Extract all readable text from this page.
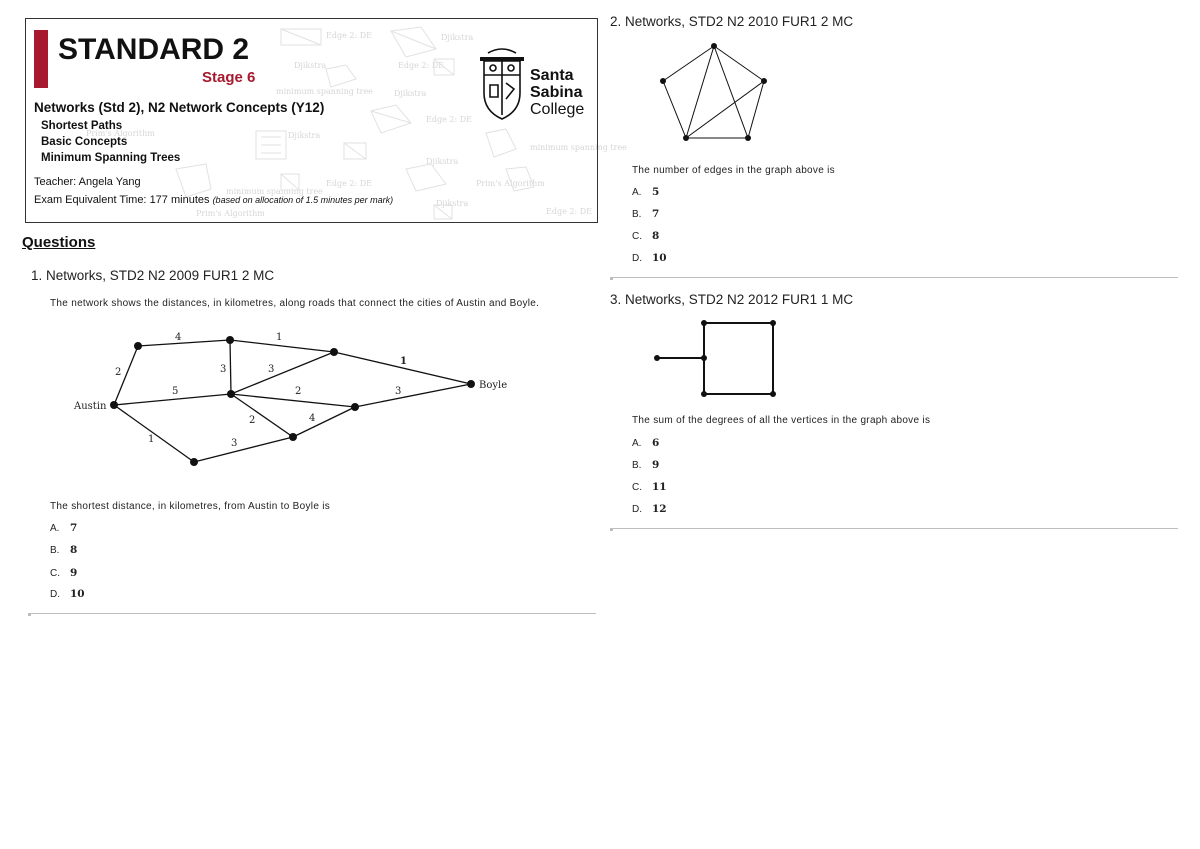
Edge 2: DE	Djikstra
Edge 2: DE
Djikstra
Djikstra
minimum spanning tree
Edge 2: DE
Prim's Algorithm	Djikstra
minimum spanning tree
Djikstra
Edge 2: DE	Prim's Algorithm
minimum spanning tree
Djikstra
Prim's Algorithm	Edge 2: DE
STANDARD 2
Stage 6
Networks (Std 2), N2 Network Concepts (Y12)
Shortest Paths
Basic Concepts
Minimum Spanning Trees
Teacher: Angela Yang
Exam Equivalent Time: 177 minutes (based on allocation of 1.5 minutes per mark)
Santa
Sabina
College
Questions
1. Networks, STD2 N2 2009 FUR1 2 MC
The network shows the distances, in kilometres, along roads that connect the cities of Austin and Boyle.
Austin
Boyle
4	1
2	3	3
1
5	2	3
2	4
1	3
The shortest distance, in kilometres, from Austin to Boyle is
A. 7
B. 8
C. 9
D. 10
2. Networks, STD2 N2 2010 FUR1 2 MC
The number of edges in the graph above is
A. 5
B. 7
C. 8
D. 10
3. Networks, STD2 N2 2012 FUR1 1 MC
The sum of the degrees of all the vertices in the graph above is
A. 6
B. 9
C. 11
D. 12
